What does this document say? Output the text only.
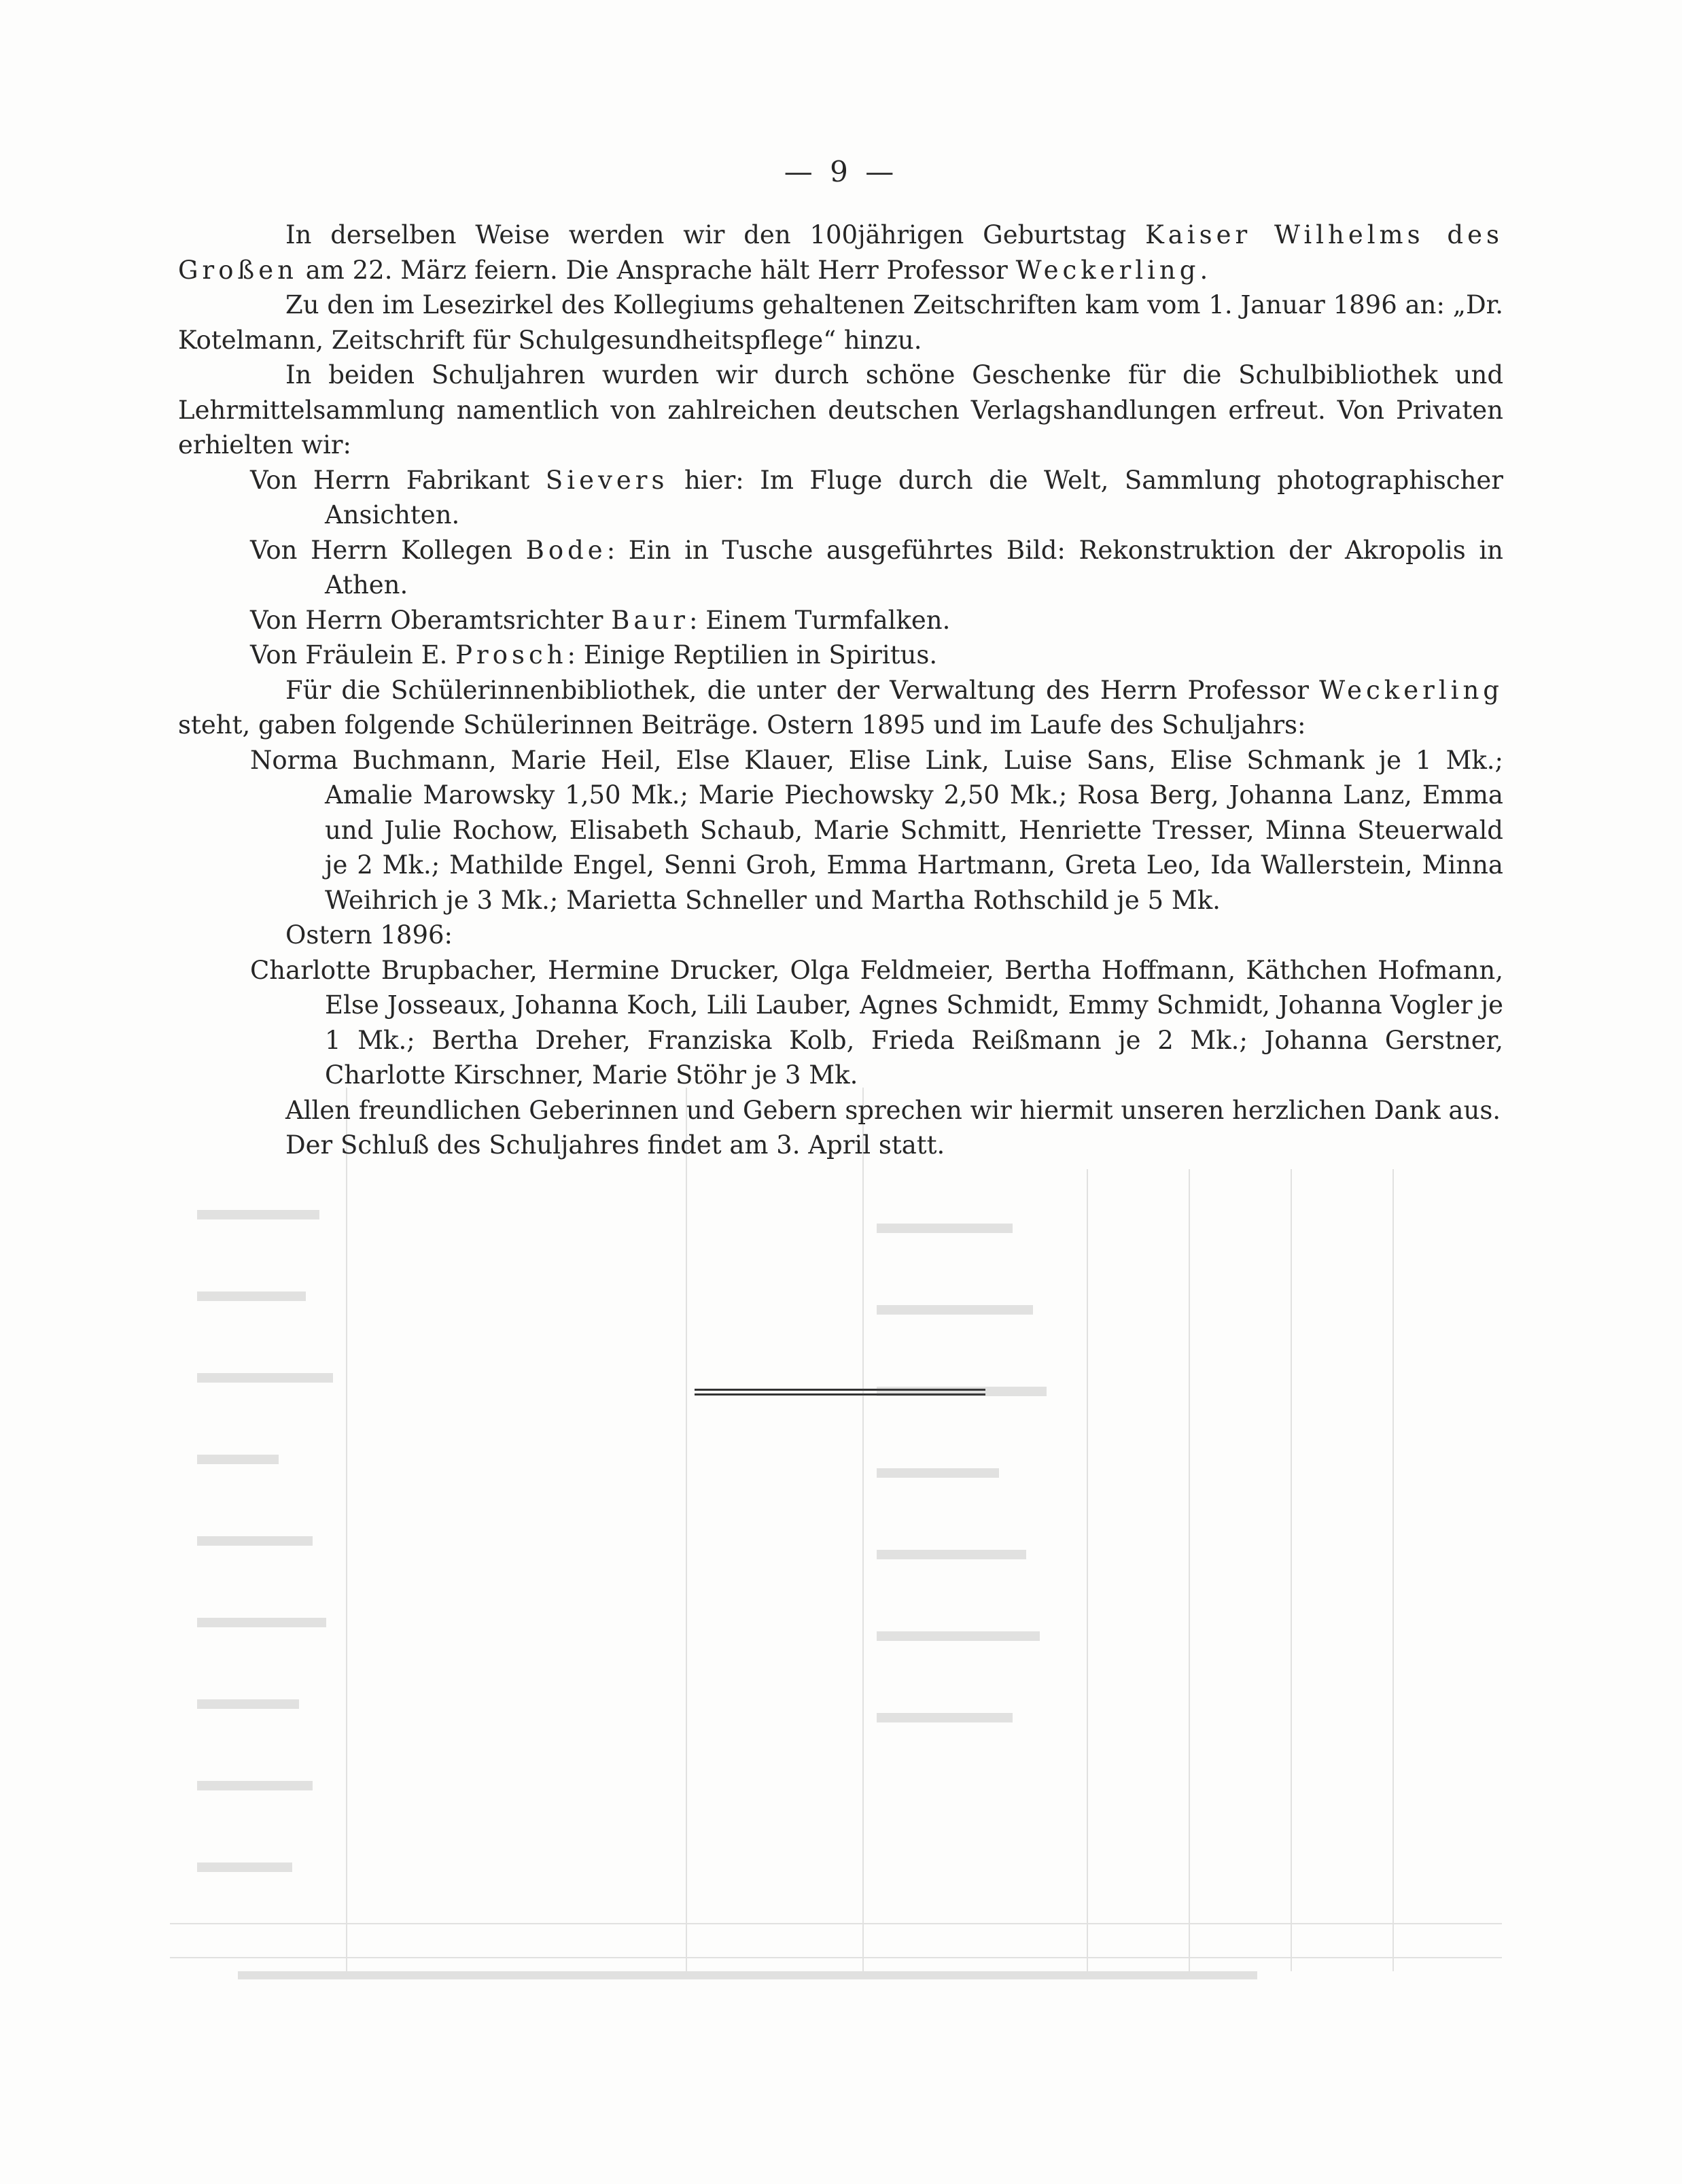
— 9 —
In derselben Weise werden wir den 100jährigen Geburtstag Kaiser Wilhelms des Großen am 22. März feiern. Die Ansprache hält Herr Professor Weckerling.
Zu den im Lesezirkel des Kollegiums gehaltenen Zeitschriften kam vom 1. Januar 1896 an: „Dr. Kotelmann, Zeitschrift für Schulgesundheitspflege“ hinzu.
In beiden Schuljahren wurden wir durch schöne Geschenke für die Schulbibliothek und Lehrmittelsammlung namentlich von zahlreichen deutschen Verlagshandlungen erfreut. Von Privaten erhielten wir:
Von Herrn Fabrikant Sievers hier: Im Fluge durch die Welt, Sammlung photographischer Ansichten.
Von Herrn Kollegen Bode: Ein in Tusche ausgeführtes Bild: Rekonstruktion der Akropolis in Athen.
Von Herrn Oberamtsrichter Baur: Einem Turmfalken.
Von Fräulein E. Prosch: Einige Reptilien in Spiritus.
Für die Schülerinnenbibliothek, die unter der Verwaltung des Herrn Professor Weckerling steht, gaben folgende Schülerinnen Beiträge. Ostern 1895 und im Laufe des Schuljahrs:
Norma Buchmann, Marie Heil, Else Klauer, Elise Link, Luise Sans, Elise Schmank je 1 Mk.; Amalie Marowsky 1,50 Mk.; Marie Piechowsky 2,50 Mk.; Rosa Berg, Johanna Lanz, Emma und Julie Rochow, Elisabeth Schaub, Marie Schmitt, Henriette Tresser, Minna Steuerwald je 2 Mk.; Mathilde Engel, Senni Groh, Emma Hartmann, Greta Leo, Ida Wallerstein, Minna Weihrich je 3 Mk.; Marietta Schneller und Martha Rothschild je 5 Mk.
Ostern 1896:
Charlotte Brupbacher, Hermine Drucker, Olga Feldmeier, Bertha Hoffmann, Käthchen Hofmann, Else Josseaux, Johanna Koch, Lili Lauber, Agnes Schmidt, Emmy Schmidt, Johanna Vogler je 1 Mk.; Bertha Dreher, Franziska Kolb, Frieda Reißmann je 2 Mk.; Johanna Gerstner, Charlotte Kirschner, Marie Stöhr je 3 Mk.
Allen freundlichen Geberinnen und Gebern sprechen wir hiermit unseren herzlichen Dank aus.
Der Schluß des Schuljahres findet am 3. April statt.
